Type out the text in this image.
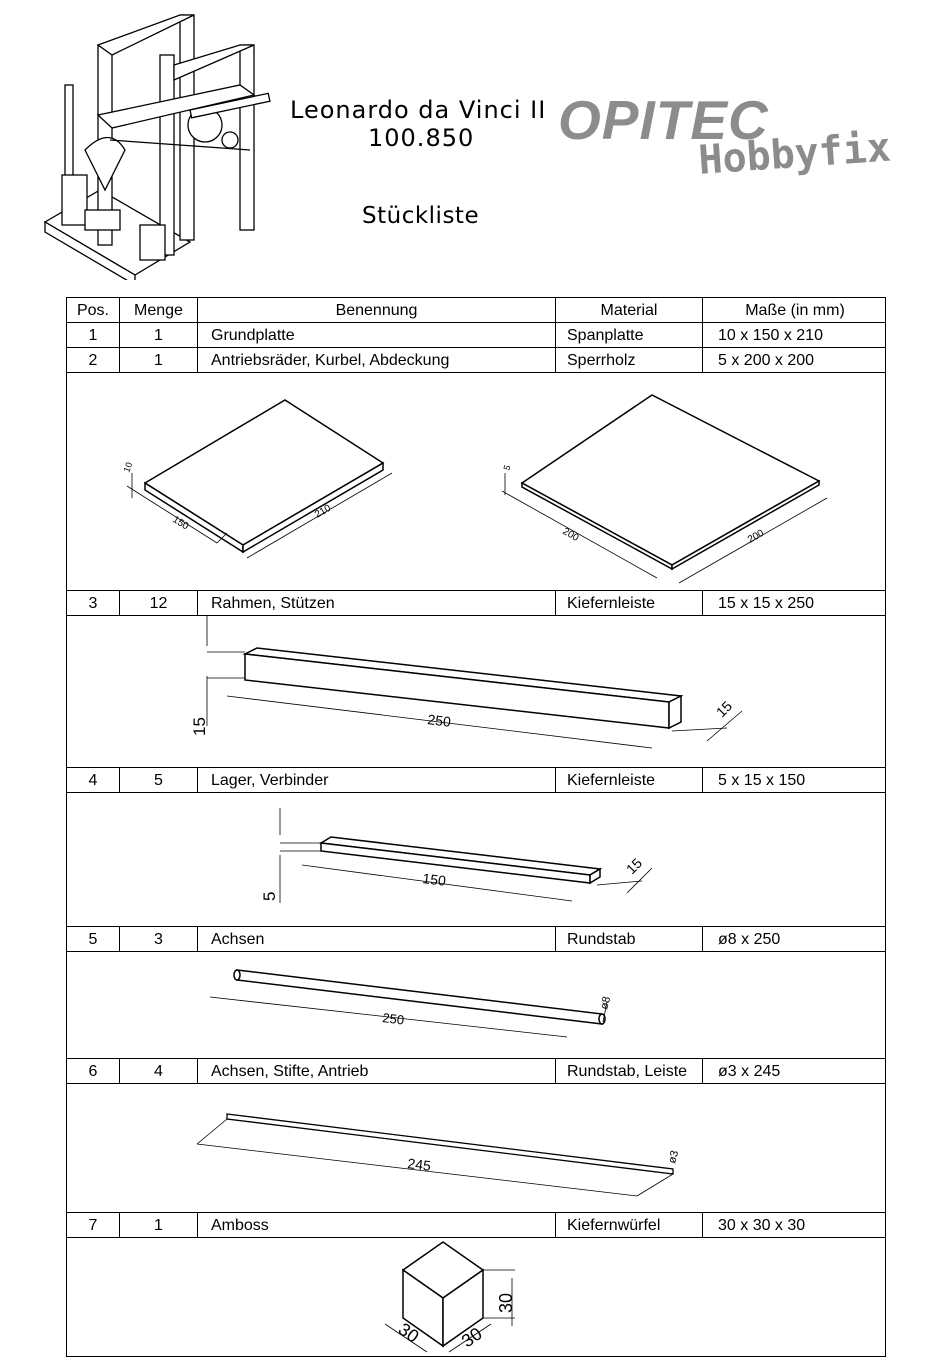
Leonardo da Vinci II
100.850
Stückliste
OPITEC
Hobbyfix
Pos.	Menge	Benennung	Material	Maße (in mm)
1	1	Grundplatte	Spanplatte	10 x 150 x 210
2	1	Antriebsräder, Kurbel, Abdeckung	Sperrholz	5 x 200 x 200
10
150
210
5
200	200
3	12	Rahmen, Stützen	Kiefernleiste	15 x 15 x 250
15	250
15
4	5	Lager, Verbinder	Kiefernleiste	5 x 15 x 150
5
150
15
5	3	Achsen	Rundstab	ø8 x 250
250
ø8
6	4	Achsen, Stifte, Antrieb	Rundstab, Leiste	ø3 x 245
245	ø3
7	1	Amboss	Kiefernwürfel	30 x 30 x 30
30 30
30
